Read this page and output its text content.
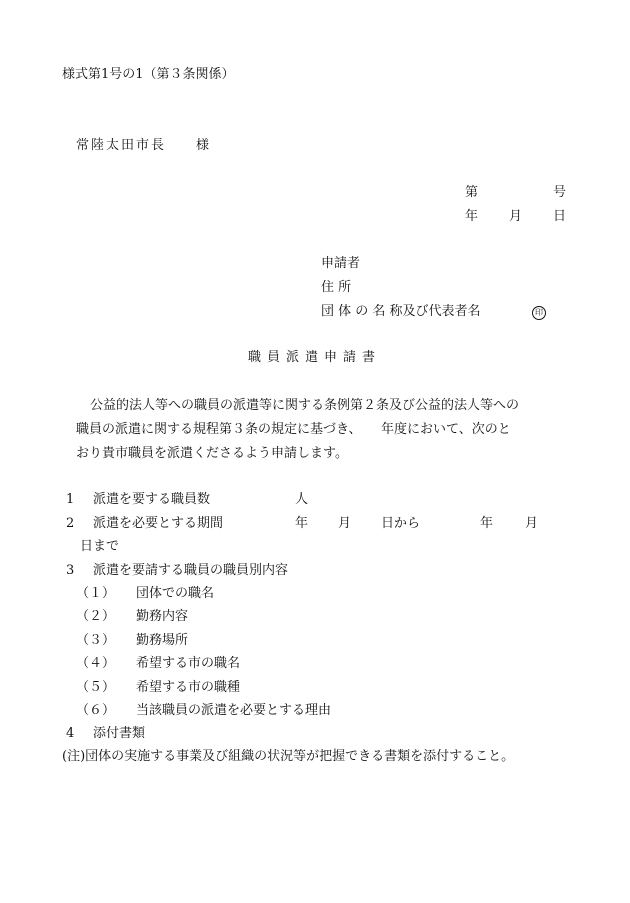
様式第1号の1（第３条関係）
常陸太田市長　　様
第	号
年 月 日
申請者
住 所
団 体 の 名 称及び代表者名	印
職員派遣申請書
公益的法人等への職員の派遣等に関する条例第２条及び公益的法人等への
職員の派遣に関する規程第３条の規定に基づき、　　年度において、次のと
おり貴市職員を派遣くださるよう申請します。
1 派遣を要する職員数	人
2 派遣を必要とする期間	年 月 日から	年 月
日まで
3 派遣を要請する職員の職員別内容
（１） 団体での職名
（２） 勤務内容
（３） 勤務場所
（４） 希望する市の職名
（５） 希望する市の職種
（６） 当該職員の派遣を必要とする理由
4 添付書類
(注)団体の実施する事業及び組織の状況等が把握できる書類を添付すること。
